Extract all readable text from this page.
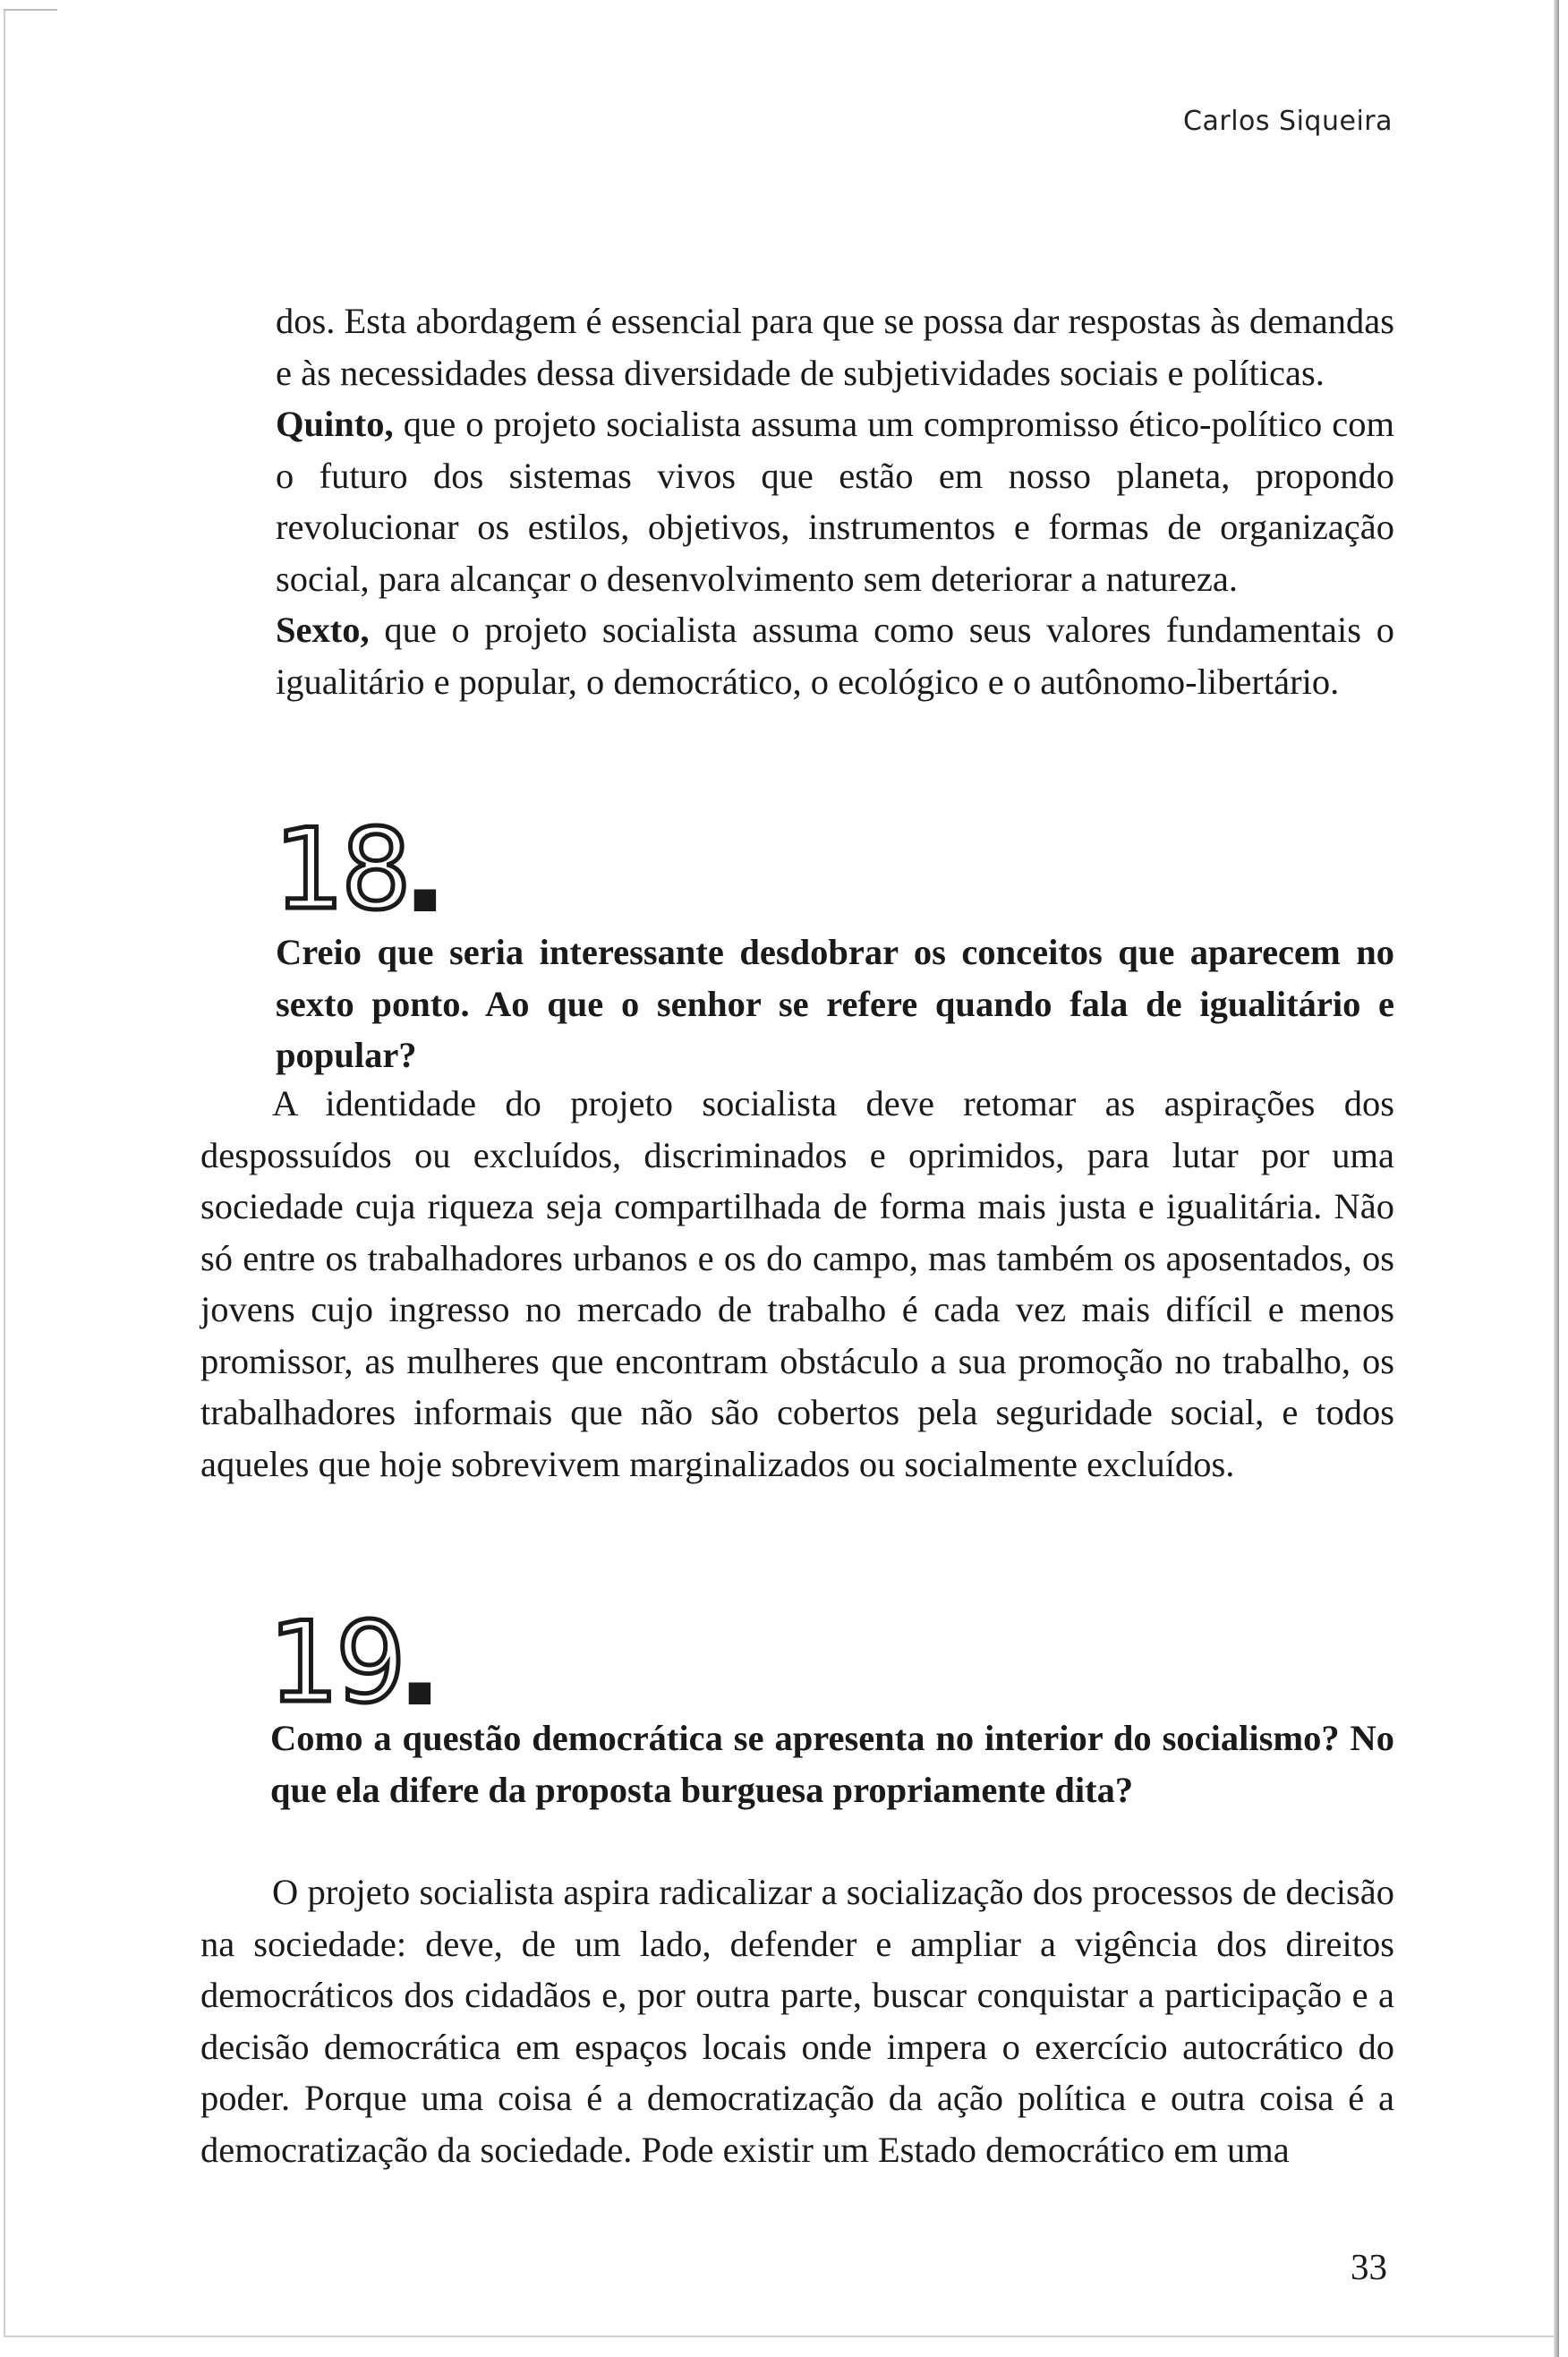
Carlos Siqueira

dos. Esta abordagem é essencial para que se possa dar respostas às demandas e às necessidades dessa diversidade de subjetividades sociais e políticas.

Quinto, que o projeto socialista assuma um compromisso ético-político com o futuro dos sistemas vivos que estão em nosso planeta, propondo revolucionar os estilos, objetivos, instrumentos e formas de organização social, para alcançar o desenvolvimento sem deteriorar a natureza.

Sexto, que o projeto socialista assuma como seus valores fundamentais o igualitário e popular, o democrático, o ecológico e o autônomo-libertário.

18 ■
Creio que seria interessante desdobrar os conceitos que aparecem no sexto ponto. Ao que o senhor se refere quando fala de igualitário e popular?

A identidade do projeto socialista deve retomar as aspirações dos despossuídos ou excluídos, discriminados e oprimidos, para lutar por uma sociedade cuja riqueza seja compartilhada de forma mais justa e igualitária. Não só entre os trabalhadores urbanos e os do campo, mas também os aposentados, os jovens cujo ingresso no mercado de trabalho é cada vez mais difícil e menos promissor, as mulheres que encontram obstáculo a sua promoção no trabalho, os trabalhadores informais que não são cobertos pela seguridade social, e todos aqueles que hoje sobrevivem marginalizados ou socialmente excluídos.

19 ■
Como a questão democrática se apresenta no interior do socialismo? No que ela difere da proposta burguesa propriamente dita?

O projeto socialista aspira radicalizar a socialização dos processos de decisão na sociedade: deve, de um lado, defender e ampliar a vigência dos direitos democráticos dos cidadãos e, por outra parte, buscar conquistar a participação e a decisão democrática em espaços locais onde impera o exercício autocrático do poder. Porque uma coisa é a democratização da ação política e outra coisa é a democratização da sociedade. Pode existir um Estado democrático em uma

33
